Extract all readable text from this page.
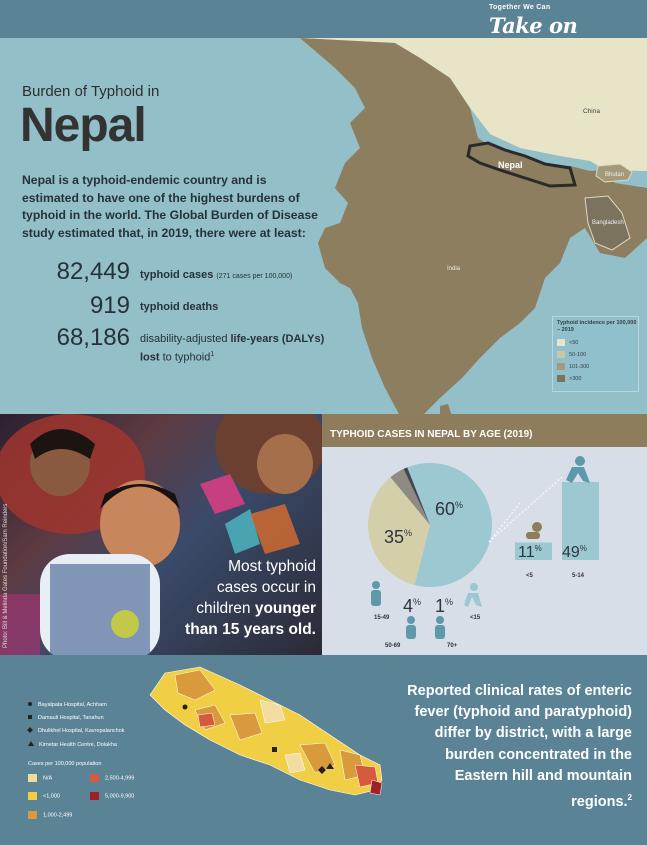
Together We Can
Take on
China
Nepal
Bhutan
Bangladesh
India
Burden of Typhoid in
Nepal
Nepal is a typhoid-endemic country and is estimated to have one of the highest burdens of typhoid in the world. The Global Burden of Disease study estimated that, in 2019, there were at least:
82,449 typhoid cases (271 cases per 100,000)
919 typhoid deaths
68,186 disability-adjusted life-years (DALYs)
lost to typhoid$^1$
Typhoid incidence per 100,000 – 2019
<50
50-100
101-300
>300
Photo: Bill & Melinda Gates Foundation/Sam Reinders	Most typhoid
cases occur in
children younger
than 15 years old.
TYPHOID CASES IN NEPAL BY AGE (2019)
15-49
50-69	70+
<15
<5	5-14
60%
35%
4% 1%
11% 49%
Bayalpata Hospital, Achham
Damauli Hospital, Tanahun
Dhulikhel Hospital, Kavrepalanchok
Kirnetar Health Centre, Dolakha
Cases per 100,000 population
N/A
<1,000
1,000-2,499
2,500-4,999
5,000-9,900
Reported clinical rates of enteric fever (typhoid and paratyphoid) differ by district, with a large burden concentrated in the Eastern hill and mountain regions.$^2$
